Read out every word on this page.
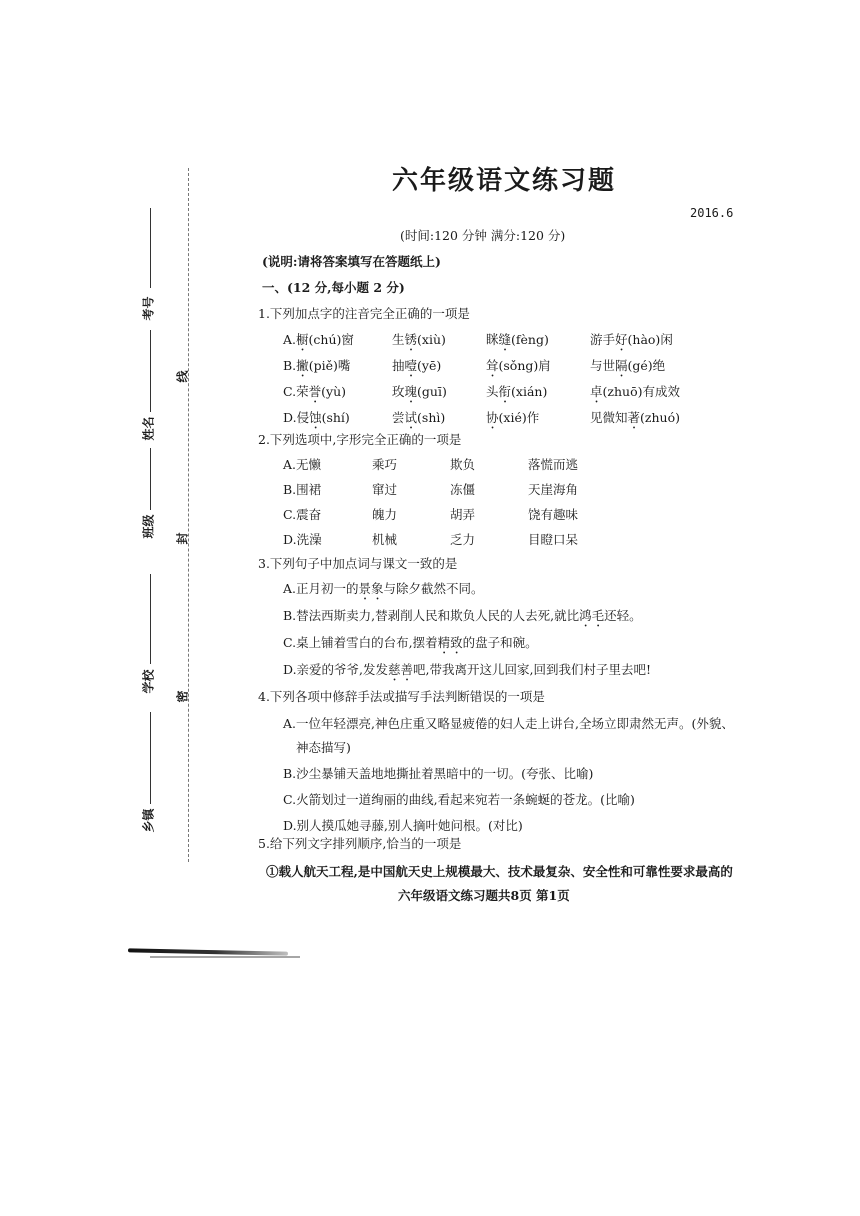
考号
姓名
班级
学校
乡镇
线
封
密
六年级语文练习题
2016.6
(时间:120 分钟 满分:120 分)
(说明:请将答案填写在答题纸上)
一、(12 分,每小题 2 分)
1.下列加点字的注音完全正确的一项是
A.橱(chú)窗	生锈(xiù)	眯缝(fèng)	游手好(hào)闲
B.撇(piě)嘴	抽噎(yē)	耸(sǒng)肩	与世隔(gé)绝
C.荣誉(yù)	玫瑰(guī)	头衔(xián)	卓(zhuō)有成效
D.侵蚀(shí)	尝试(shì)	协(xié)作	见微知著(zhuó)
2.下列选项中,字形完全正确的一项是
A.无懒	乘巧	欺负	落慌而逃
B.围裙	窜过	冻僵	天崖海角
C.震奋	魄力	胡弄	饶有趣味
D.洗澡	机械	乏力	目瞪口呆
3.下列句子中加点词与课文一致的是
A.正月初一的景象与除夕截然不同。
B.替法西斯卖力,替剥削人民和欺负人民的人去死,就比鸿毛还轻。
C.桌上铺着雪白的台布,摆着精致的盘子和碗。
D.亲爱的爷爷,发发慈善吧,带我离开这儿回家,回到我们村子里去吧!
4.下列各项中修辞手法或描写手法判断错误的一项是
A.一位年轻漂亮,神色庄重又略显疲倦的妇人走上讲台,全场立即肃然无声。(外貌、
神态描写)
B.沙尘暴铺天盖地地撕扯着黑暗中的一切。(夸张、比喻)
C.火箭划过一道绚丽的曲线,看起来宛若一条蜿蜒的苍龙。(比喻)
D.别人摸瓜她寻藤,别人摘叶她问根。(对比)
5.给下列文字排列顺序,恰当的一项是
①载人航天工程,是中国航天史上规模最大、技术最复杂、安全性和可靠性要求最高的
六年级语文练习题共8页 第1页
